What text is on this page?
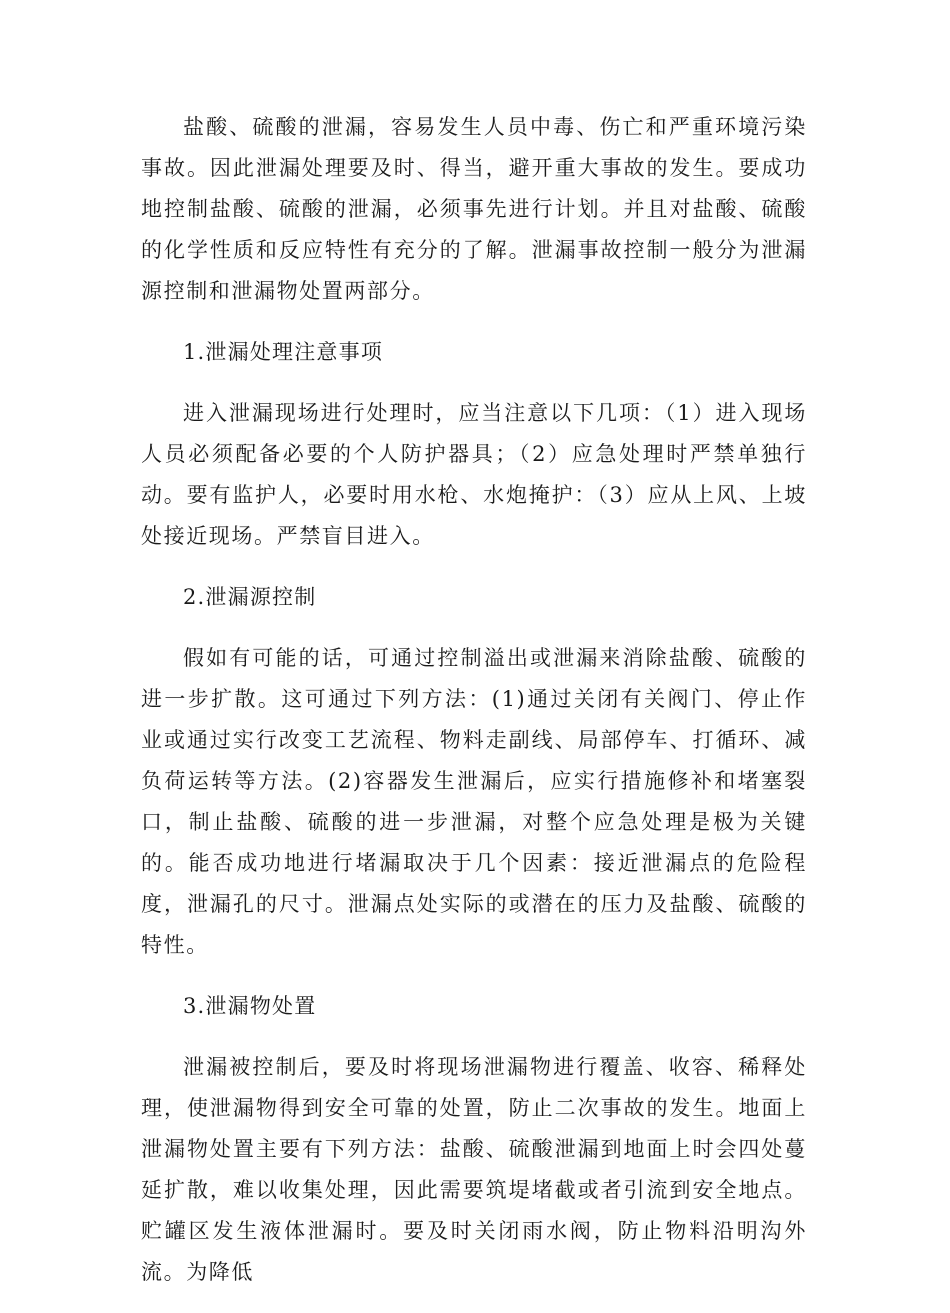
盐酸、硫酸的泄漏，容易发生人员中毒、伤亡和严重环境污染事故。因此泄漏处理要及时、得当，避开重大事故的发生。要成功地控制盐酸、硫酸的泄漏，必须事先进行计划。并且对盐酸、硫酸的化学性质和反应特性有充分的了解。泄漏事故控制一般分为泄漏源控制和泄漏物处置两部分。

1.泄漏处理注意事项

进入泄漏现场进行处理时，应当注意以下几项：（1）进入现场人员必须配备必要的个人防护器具；（2）应急处理时严禁单独行动。要有监护人，必要时用水枪、水炮掩护：（3）应从上风、上坡处接近现场。严禁盲目进入。

2.泄漏源控制

假如有可能的话，可通过控制溢出或泄漏来消除盐酸、硫酸的进一步扩散。这可通过下列方法：(1)通过关闭有关阀门、停止作业或通过实行改变工艺流程、物料走副线、局部停车、打循环、减负荷运转等方法。(2)容器发生泄漏后，应实行措施修补和堵塞裂口，制止盐酸、硫酸的进一步泄漏，对整个应急处理是极为关键的。能否成功地进行堵漏取决于几个因素：接近泄漏点的危险程度，泄漏孔的尺寸。泄漏点处实际的或潜在的压力及盐酸、硫酸的特性。

3.泄漏物处置

泄漏被控制后，要及时将现场泄漏物进行覆盖、收容、稀释处理，使泄漏物得到安全可靠的处置，防止二次事故的发生。地面上泄漏物处置主要有下列方法：盐酸、硫酸泄漏到地面上时会四处蔓延扩散，难以收集处理，因此需要筑堤堵截或者引流到安全地点。贮罐区发生液体泄漏时。要及时关闭雨水阀，防止物料沿明沟外流。为降低
